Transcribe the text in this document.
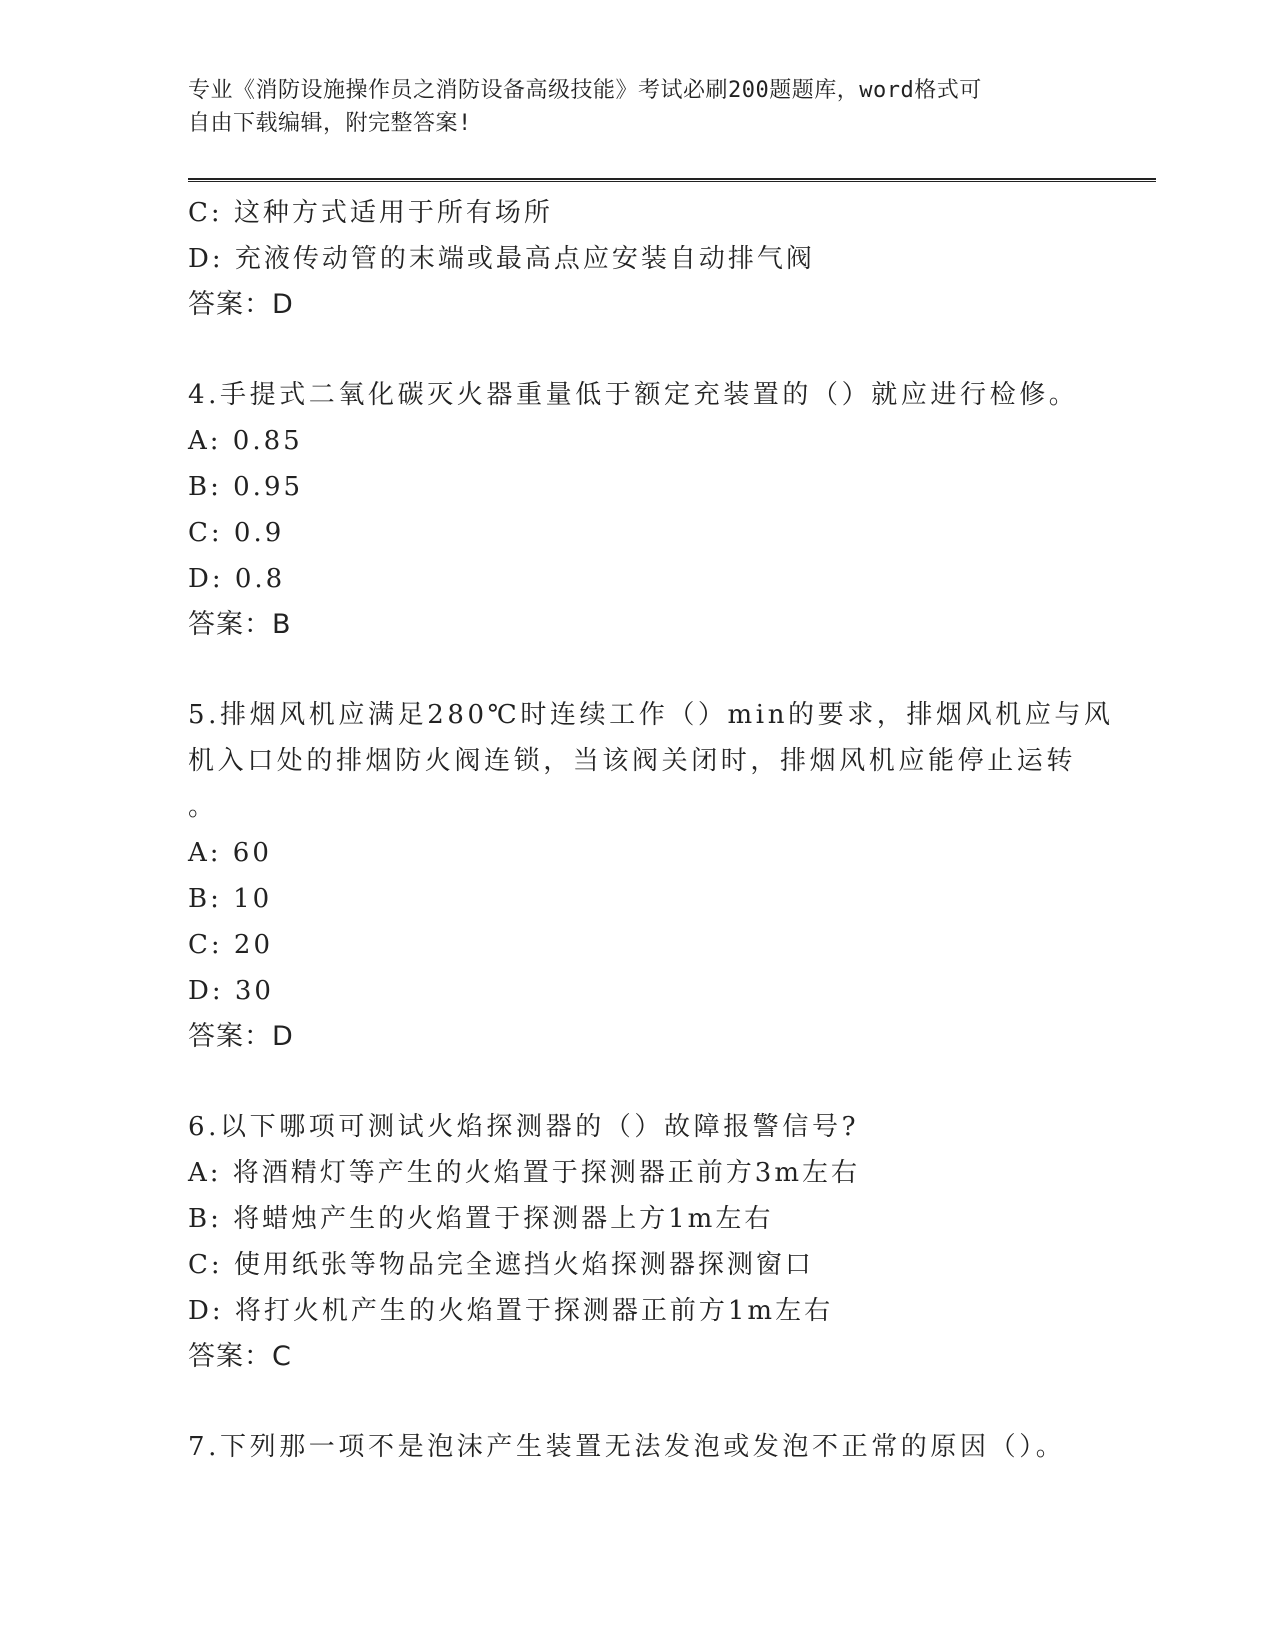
专业《消防设施操作员之消防设备高级技能》考试必刷200题题库，word格式可
自由下载编辑，附完整答案!
C: 这种方式适用于所有场所
D: 充液传动管的末端或最高点应安装自动排气阀
答案：D
4.手提式二氧化碳灭火器重量低于额定充装置的（）就应进行检修。
A: 0.85
B: 0.95
C: 0.9
D: 0.8
答案：B
5.排烟风机应满足280℃时连续工作（）min的要求，排烟风机应与风
机入口处的排烟防火阀连锁，当该阀关闭时，排烟风机应能停止运转
。
A: 60
B: 10
C: 20
D: 30
答案：D
6.以下哪项可测试火焰探测器的（）故障报警信号?
A: 将酒精灯等产生的火焰置于探测器正前方3m左右
B: 将蜡烛产生的火焰置于探测器上方1m左右
C: 使用纸张等物品完全遮挡火焰探测器探测窗口
D: 将打火机产生的火焰置于探测器正前方1m左右
答案：C
7.下列那一项不是泡沫产生装置无法发泡或发泡不正常的原因（）。
